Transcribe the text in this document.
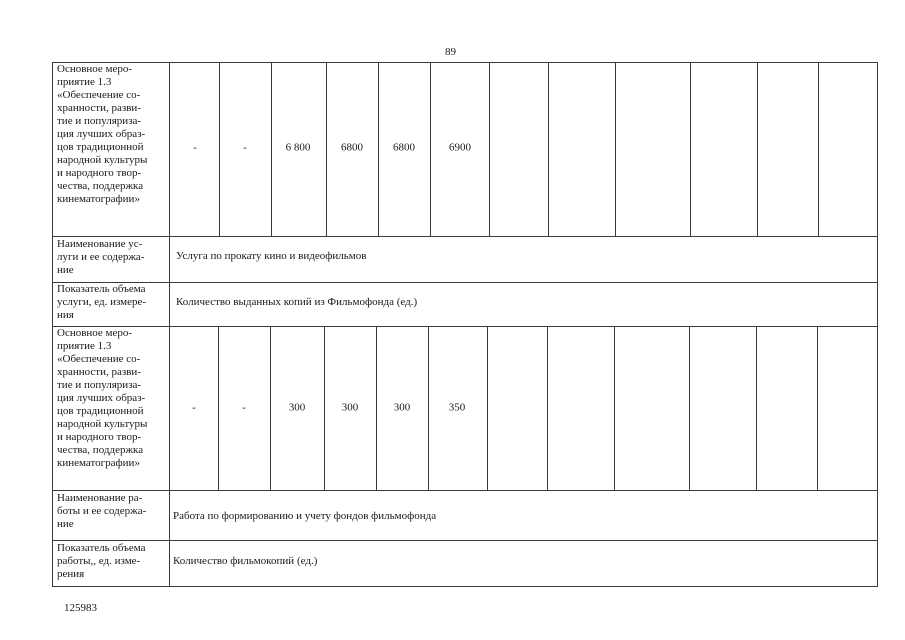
89
Основное меро-
приятие 1.3
«Обеспечение со-
хранности, разви-
тие и популяриза-
ция лучших образ-
цов традиционной
народной культуры
и народного твор-
чества, поддержка
кинематографии»
-	-	6 800	6800	6800	6900
Наименование ус-
луги и ее содержа-
ние
Услуга по прокату кино и видеофильмов
Показатель объема
услуги, ед. измере-
ния
Количество выданных копий из Фильмофонда (ед.)
Основное меро-
приятие 1.3
«Обеспечение со-
хранности, разви-
тие и популяриза-
ция лучших образ-
цов традиционной
народной культуры
и народного твор-
чества, поддержка
кинематографии»
-	-	300	300	300	350
Наименование ра-
боты и ее содержа-
ние
Работа по формированию и учету фондов фильмофонда
Показатель объема
работы,, ед. изме-
рения
Количество фильмокопий (ед.)
125983
